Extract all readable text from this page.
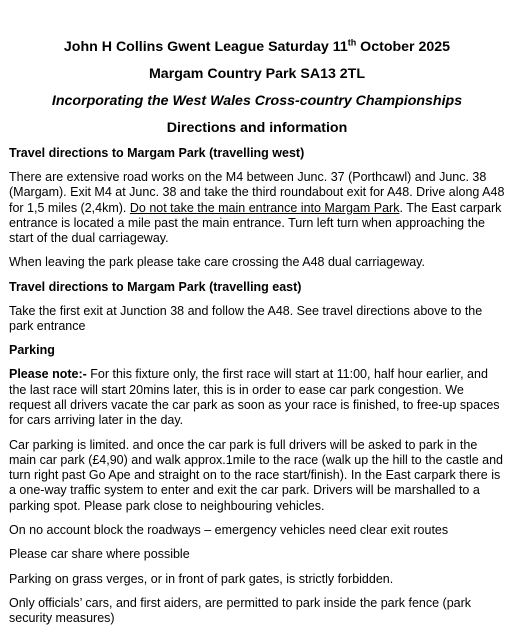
John H Collins Gwent League Saturday 11th October 2025
Margam Country Park SA13 2TL
Incorporating the West Wales Cross-country Championships
Directions and information
Travel directions to Margam Park (travelling west)
There are extensive road works on the M4 between Junc. 37 (Porthcawl) and Junc. 38 (Margam). Exit M4 at Junc. 38 and take the third roundabout exit for A48. Drive along A48 for 1,5 miles (2,4km). Do not take the main entrance into Margam Park. The East carpark entrance is located a mile past the main entrance. Turn left turn when approaching the start of the dual carriageway.
When leaving the park please take care crossing the A48 dual carriageway.
Travel directions to Margam Park (travelling east)
Take the first exit at Junction 38 and follow the A48. See travel directions above to the park entrance
Parking
Please note:- For this fixture only, the first race will start at 11:00, half hour earlier, and the last race will start 20mins later, this is in order to ease car park congestion. We request all drivers vacate the car park as soon as your race is finished, to free-up spaces for cars arriving later in the day.
Car parking is limited. and once the car park is full drivers will be asked to park in the main car park (£4,90) and walk approx.1mile to the race (walk up the hill to the castle and turn right past Go Ape and straight on to the race start/finish). In the East carpark there is a one-way traffic system to enter and exit the car park. Drivers will be marshalled to a parking spot. Please park close to neighbouring vehicles.
On no account block the roadways – emergency vehicles need clear exit routes
Please car share where possible
Parking on grass verges, or in front of park gates, is strictly forbidden.
Only officials’ cars, and first aiders, are permitted to park inside the park fence (park security measures)
